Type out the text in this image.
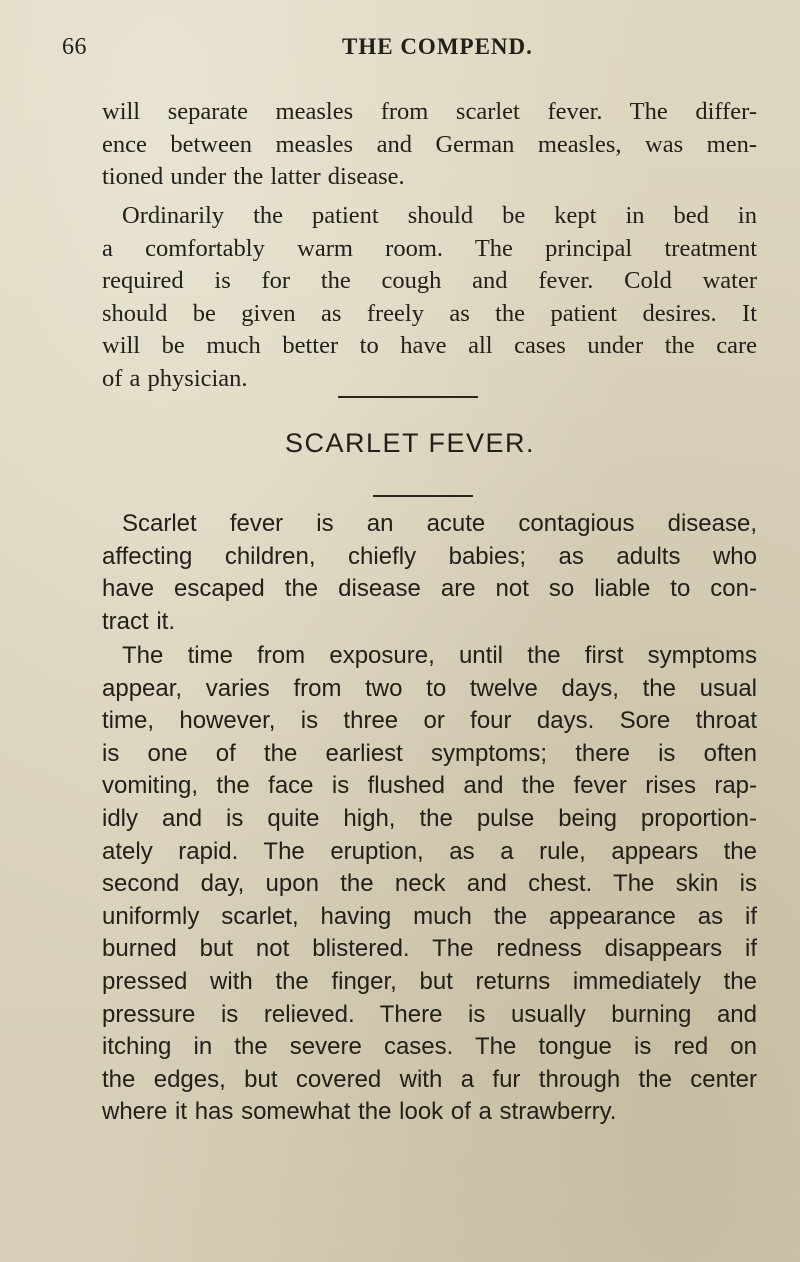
66	THE COMPEND.

will separate measles from scarlet fever. The differ-
ence between measles and German measles, was men-
tioned under the latter disease.

Ordinarily the patient should be kept in bed in
a comfortably warm room. The principal treatment
required is for the cough and fever. Cold water
should be given as freely as the patient desires. It
will be much better to have all cases under the care
of a physician.

SCARLET FEVER.

Scarlet fever is an acute contagious disease,
affecting children, chiefly babies; as adults who
have escaped the disease are not so liable to con-
tract it.

The time from exposure, until the first symptoms
appear, varies from two to twelve days, the usual
time, however, is three or four days. Sore throat
is one of the earliest symptoms; there is often
vomiting, the face is flushed and the fever rises rap-
idly and is quite high, the pulse being proportion-
ately rapid. The eruption, as a rule, appears the
second day, upon the neck and chest. The skin is
uniformly scarlet, having much the appearance as if
burned but not blistered. The redness disappears if
pressed with the finger, but returns immediately the
pressure is relieved. There is usually burning and
itching in the severe cases. The tongue is red on
the edges, but covered with a fur through the center
where it has somewhat the look of a strawberry.
